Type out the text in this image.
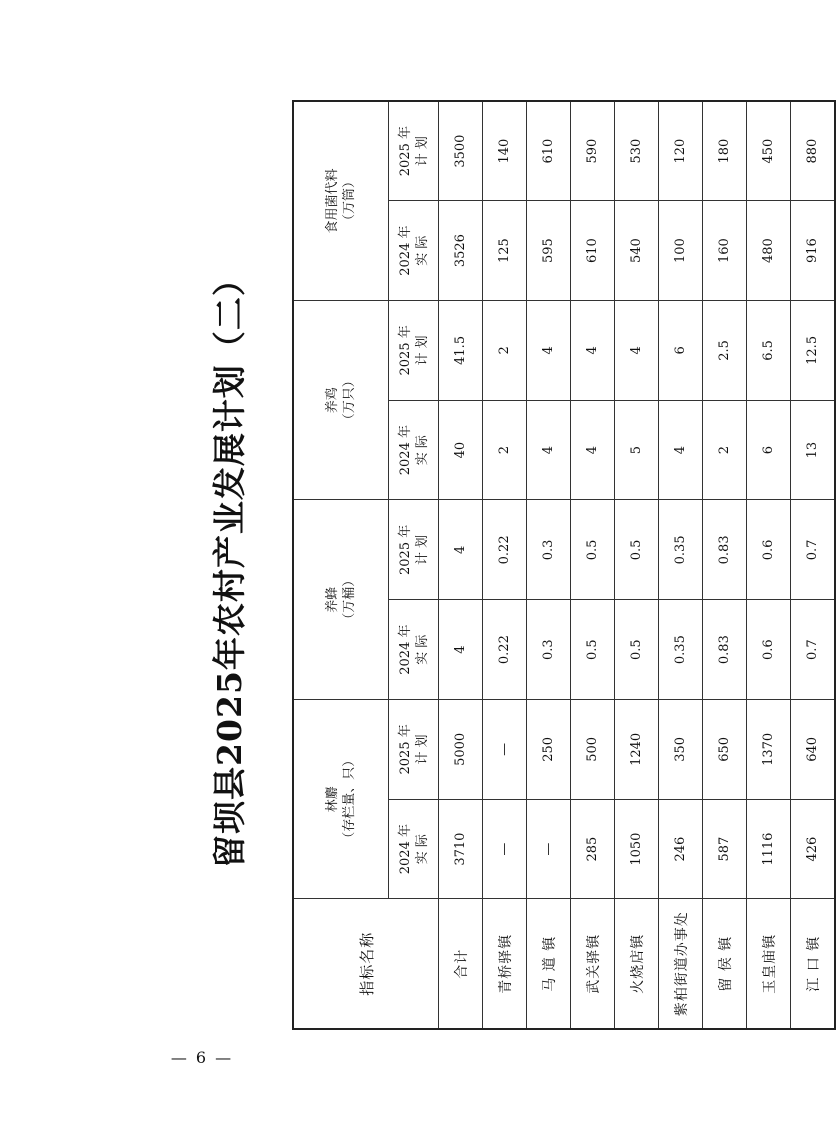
— 6 —
留坝县2025年农村产业发展计划（二）
指标名称	林麝 （存栏量、只）		养蜂 （万桶）		养鸡 （万只）		食用菌代料 （万筒）	

	2024 年 实 际	2025 年 计 划	2024 年 实 际	2025 年 计 划	2024 年 实 际	2025 年 计 划	2024 年 实 际	2025 年 计 划

合计	3710	5000	4	4	40	41.5	3526	3500
青桥驿镇	—	—	0.22	0.22	2	2	125	140
马 道 镇	—	250	0.3	0.3	4	4	595	610
武关驿镇	285	500	0.5	0.5	4	4	610	590
火烧店镇	1050	1240	0.5	0.5	5	4	540	530
紫柏街道办事处	246	350	0.35	0.35	4	6	100	120
留 侯 镇	587	650	0.83	0.83	2	2.5	160	180
玉皇庙镇	1116	1370	0.6	0.6	6	6.5	480	450
江 口 镇	426	640	0.7	0.7	13	12.5	916	880
